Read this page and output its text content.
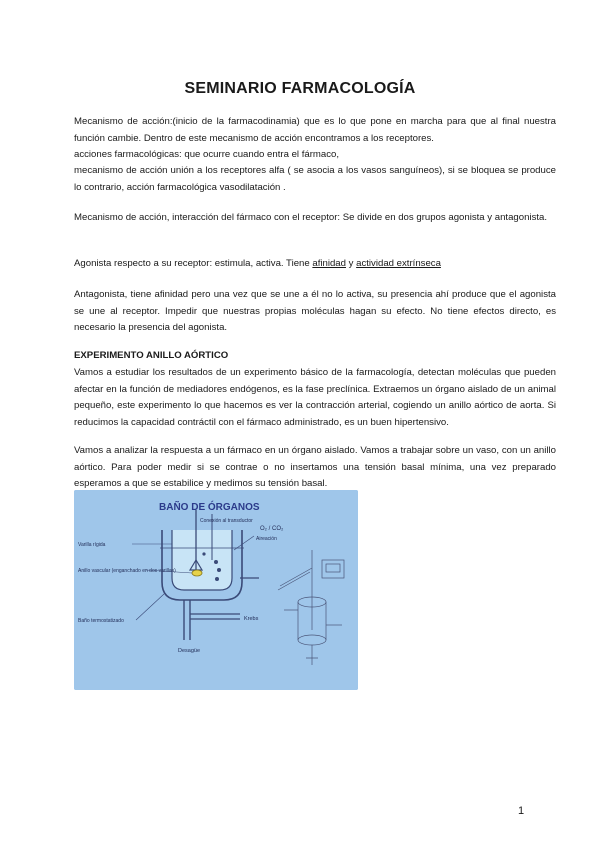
SEMINARIO FARMACOLOGÍA

Mecanismo de acción:(inicio de la farmacodinamia) que es lo que pone en marcha para que al final nuestra función cambie. Dentro de este mecanismo de acción encontramos a los receptores.

acciones farmacológicas: que ocurre cuando entra el fármaco,

mecanismo de acción unión a los receptores alfa ( se asocia a los vasos sanguíneos), si se bloquea se produce lo contrario, acción farmacológica vasodilatación .

Mecanismo de acción, interacción del fármaco con el receptor: Se divide en dos grupos agonista y antagonista.

Agonista respecto a su receptor: estimula, activa. Tiene afinidad y actividad extrínseca

Antagonista, tiene afinidad pero una vez que se une a él no lo activa, su presencia ahí produce que el agonista se une al receptor. Impedir que nuestras propias moléculas hagan su efecto. No tiene efectos directo, es necesario la presencia del agonista.

EXPERIMENTO ANILLO AÓRTICO

Vamos a estudiar los resultados de un experimento básico de la farmacología, detectan moléculas que pueden afectar en la función de mediadores endógenos, es la fase preclínica. Extraemos un órgano aislado de un animal pequeño, este experimento lo que hacemos es ver la contracción arterial, cogiendo un anillo aórtico de aorta. Si reducimos la capacidad contráctil con el fármaco administrado, es un buen hipertensivo.

Vamos a analizar la respuesta a un fármaco en un órgano aislado. Vamos a trabajar sobre un vaso, con un anillo aórtico. Para poder medir si se contrae o no insertamos una tensión basal mínima, una vez preparado esperamos a que se estabilice y medimos su tensión basal.

BAÑO DE ÓRGANOS
Conexión al transductor
O₂ / CO₂
Aireación
Varilla rígida
Anillo vascular (enganchado en dos varillas)
Baño termostatizado	Krebs
Desagüe

1
